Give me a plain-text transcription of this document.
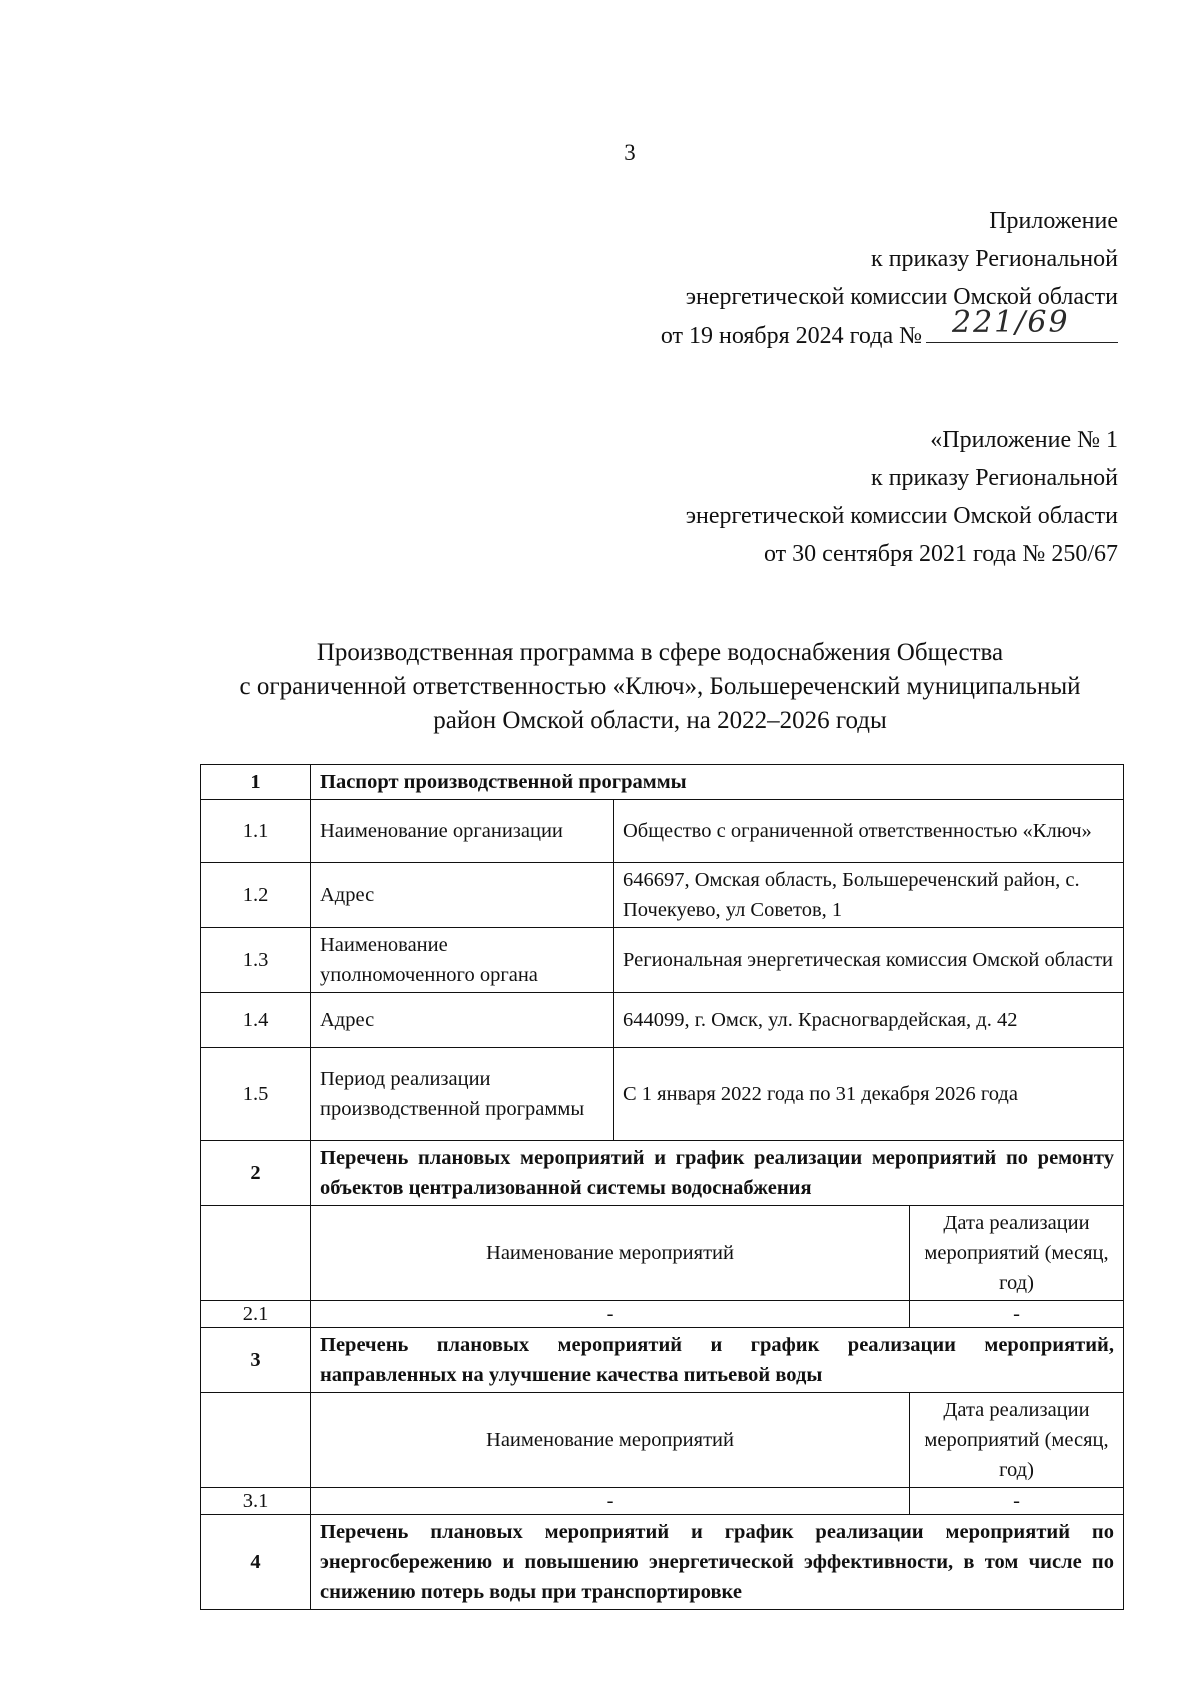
3
Приложение
к приказу Региональной
энергетической комиссии Омской области
от 19 ноября 2024 года № 221/69
«Приложение № 1
к приказу Региональной
энергетической комиссии Омской области
от 30 сентября 2021 года № 250/67
Производственная программа в сфере водоснабжения Общества
с ограниченной ответственностью «Ключ», Большереченский муниципальный
район Омской области, на 2022–2026 годы
1	Паспорт производственной программы		
1.1	Наименование организации	Общество с ограниченной ответственностью «Ключ»	
1.2	Адрес	646697, Омская область, Большереченский район, с. Почекуево, ул Советов, 1	
1.3	Наименование уполномоченного органа	Региональная энергетическая комиссия Омской области	
1.4	Адрес	644099, г. Омск, ул. Красногвардейская, д. 42	
1.5	Период реализации производственной программы	С 1 января 2022 года по 31 декабря 2026 года	
2	Перечень плановых мероприятий и график реализации мероприятий по ремонту объектов централизованной системы водоснабжения		
	Наименование мероприятий		Дата реализации мероприятий (месяц, год)
2.1	-		-
3	Перечень плановых мероприятий и график реализации мероприятий, направленных на улучшение качества питьевой воды		
	Наименование мероприятий		Дата реализации мероприятий (месяц, год)
3.1	-		-
4	Перечень плановых мероприятий и график реализации мероприятий по энергосбережению и повышению энергетической эффективности, в том числе по снижению потерь воды при транспортировке		
